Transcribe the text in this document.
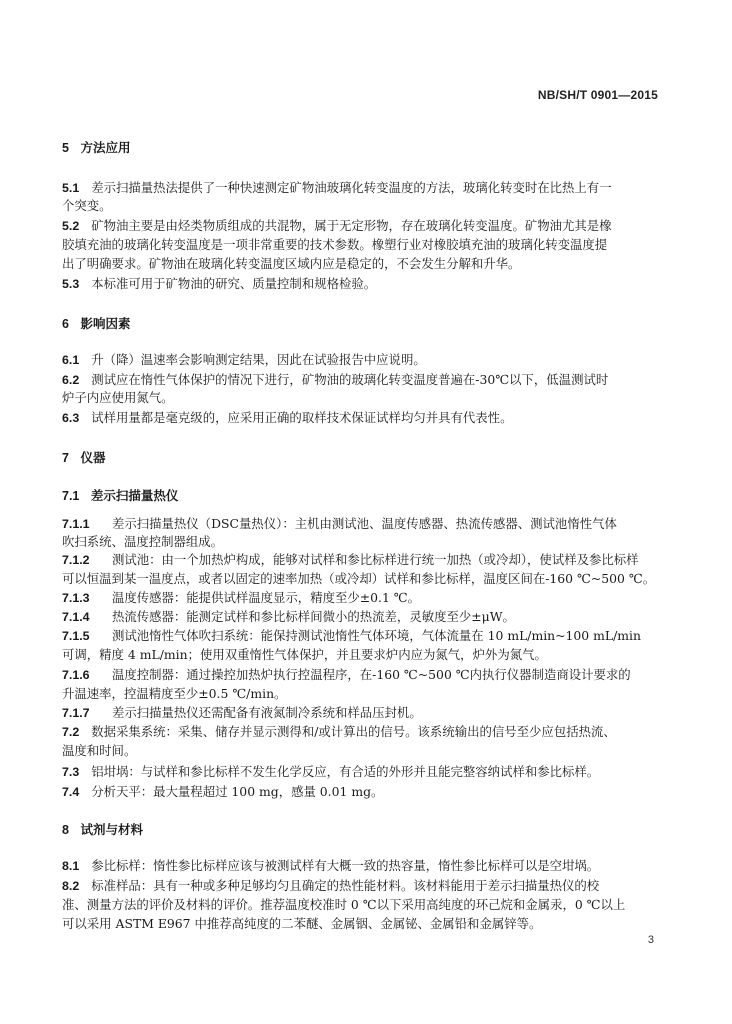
NB/SH/T 0901—2015
5 方法应用
5.1 差示扫描量热法提供了一种快速测定矿物油玻璃化转变温度的方法，玻璃化转变时在比热上有一
个突变。
5.2 矿物油主要是由烃类物质组成的共混物，属于无定形物，存在玻璃化转变温度。矿物油尤其是橡
胶填充油的玻璃化转变温度是一项非常重要的技术参数。橡塑行业对橡胶填充油的玻璃化转变温度提
出了明确要求。矿物油在玻璃化转变温度区域内应是稳定的，不会发生分解和升华。
5.3 本标准可用于矿物油的研究、质量控制和规格检验。
6 影响因素
6.1 升（降）温速率会影响测定结果，因此在试验报告中应说明。
6.2 测试应在惰性气体保护的情况下进行，矿物油的玻璃化转变温度普遍在-30℃以下，低温测试时
炉子内应使用氮气。
6.3 试样用量都是毫克级的，应采用正确的取样技术保证试样均匀并具有代表性。
7 仪器
7.1 差示扫描量热仪
7.1.1 差示扫描量热仪（DSC量热仪）：主机由测试池、温度传感器、热流传感器、测试池惰性气体
吹扫系统、温度控制器组成。
7.1.2 测试池：由一个加热炉构成，能够对试样和参比标样进行统一加热（或冷却），使试样及参比标样
可以恒温到某一温度点，或者以固定的速率加热（或冷却）试样和参比标样，温度区间在-160 ℃~500 ℃。
7.1.3 温度传感器：能提供试样温度显示，精度至少±0.1 ℃。
7.1.4 热流传感器：能测定试样和参比标样间微小的热流差，灵敏度至少±μW。
7.1.5 测试池惰性气体吹扫系统：能保持测试池惰性气体环境，气体流量在 10 mL/min~100 mL/min
可调，精度 4 mL/min；使用双重惰性气体保护，并且要求炉内应为氮气，炉外为氮气。
7.1.6 温度控制器：通过操控加热炉执行控温程序，在-160 ℃~500 ℃内执行仪器制造商设计要求的
升温速率，控温精度至少±0.5 ℃/min。
7.1.7 差示扫描量热仪还需配备有液氮制冷系统和样品压封机。
7.2 数据采集系统：采集、储存并显示测得和/或计算出的信号。该系统输出的信号至少应包括热流、
温度和时间。
7.3 铝坩埚：与试样和参比标样不发生化学反应，有合适的外形并且能完整容纳试样和参比标样。
7.4 分析天平：最大量程超过 100 mg，感量 0.01 mg。
8 试剂与材料
8.1 参比标样：惰性参比标样应该与被测试样有大概一致的热容量，惰性参比标样可以是空坩埚。
8.2 标准样品：具有一种或多种足够均匀且确定的热性能材料。该材料能用于差示扫描量热仪的校
准、测量方法的评价及材料的评价。推荐温度校准时 0 ℃以下采用高纯度的环己烷和金属汞，0 ℃以上
可以采用 ASTM E967 中推荐高纯度的二苯醚、金属铟、金属铋、金属铅和金属锌等。
3
